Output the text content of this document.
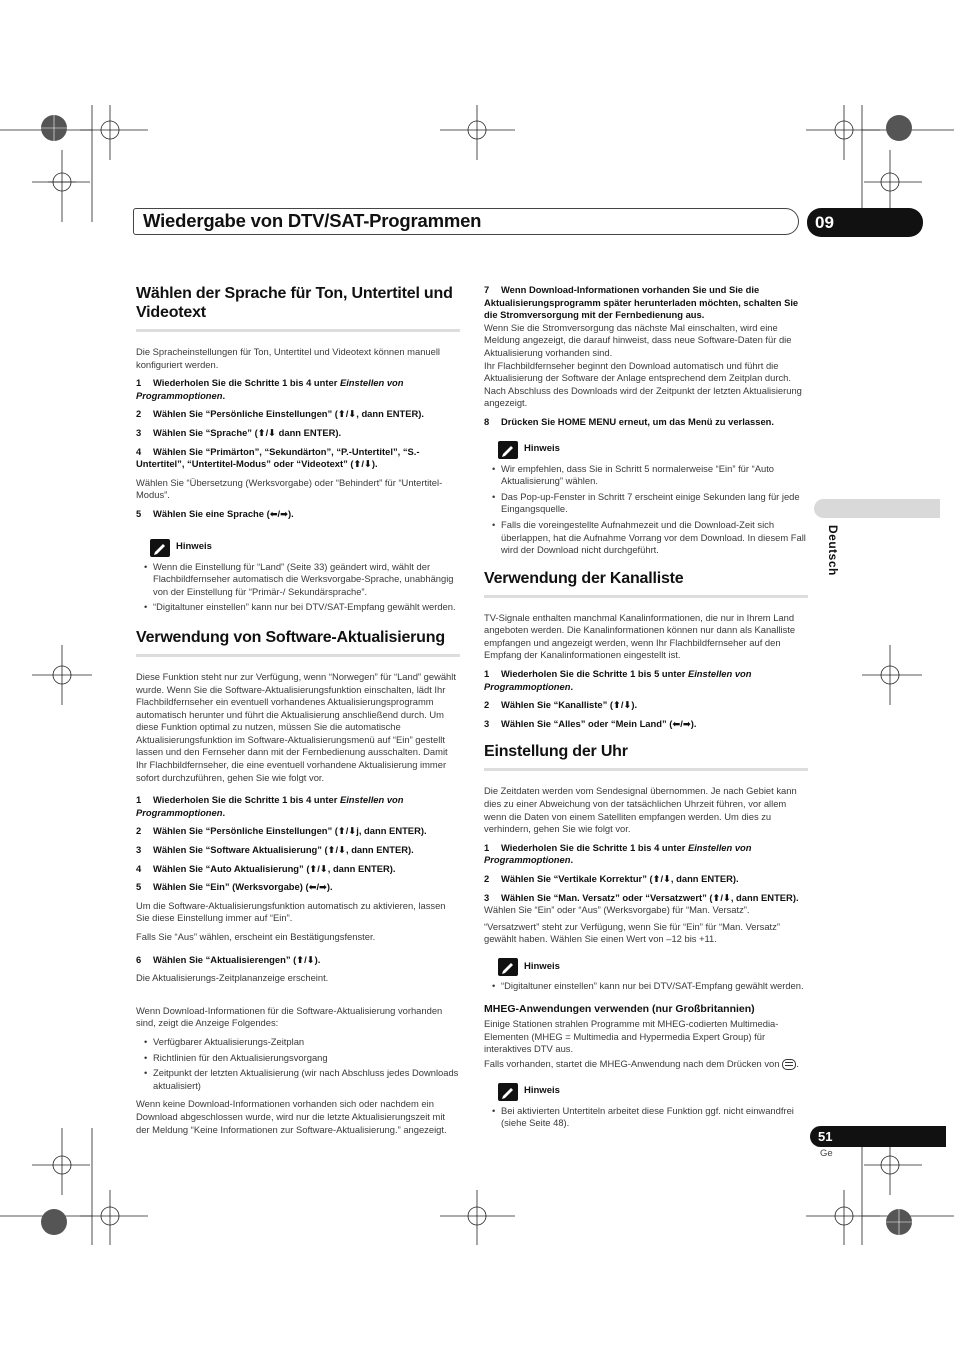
Wiedergabe von DTV/SAT-Programmen	09
Deutsch
51
Ge
Wählen der Sprache für Ton, Untertitel und Videotext

Die Spracheinstellungen für Ton, Untertitel und Videotext können manuell konfiguriert werden.

1 Wiederholen Sie die Schritte 1 bis 4 unter Einstellen von Programmoptionen.

2 Wählen Sie “Persönliche Einstellungen” (⬆/⬇, dann ENTER).

3 Wählen Sie “Sprache” (⬆/⬇ dann ENTER).

4 Wählen Sie “Primärton”, “Sekundärton”, “P.-Untertitel”, “S.-Untertitel”, “Untertitel-Modus” oder “Videotext” (⬆/⬇).

Wählen Sie “Übersetzung (Werksvorgabe) oder “Behindert” für “Untertitel-Modus”.

5 Wählen Sie eine Sprache (⬅/➡).

Hinweis
• Wenn die Einstellung für “Land” (Seite 33) geändert wird, wählt der Flachbildfernseher automatisch die Werksvorgabe-Sprache, unabhängig von der Einstellung für “Primär-/ Sekundärsprache”.
• “Digitaltuner einstellen” kann nur bei DTV/SAT-Empfang gewählt werden.
Verwendung von Software-Aktualisierung

Diese Funktion steht nur zur Verfügung, wenn “Norwegen” für “Land” gewählt wurde. Wenn Sie die Software-Aktualisierungsfunktion einschalten, lädt Ihr Flachbildfernseher ein eventuell vorhandenes Aktualisierungsprogramm automatisch herunter und führt die Aktualisierung anschließend durch. Um diese Funktion optimal zu nutzen, müssen Sie die automatische Aktualisierungsfunktion im Software-Aktualisierungsmenü auf “Ein” gestellt lassen und den Fernseher dann mit der Fernbedienung ausschalten. Damit Ihr Flachbildfernseher, die eine eventuell vorhandene Aktualisierung immer sofort durchzuführen, gehen Sie wie folgt vor.

1 Wiederholen Sie die Schritte 1 bis 4 unter Einstellen von Programmoptionen.

2 Wählen Sie “Persönliche Einstellungen” (⬆/⬇j, dann ENTER).

3 Wählen Sie “Software Aktualisierung” (⬆/⬇, dann ENTER).

4 Wählen Sie “Auto Aktualisierung” (⬆/⬇, dann ENTER).

5 Wählen Sie “Ein” (Werksvorgabe) (⬅/➡).

Um die Software-Aktualisierungsfunktion automatisch zu aktivieren, lassen Sie diese Einstellung immer auf “Ein”.

Falls Sie “Aus” wählen, erscheint ein Bestätigungsfenster.

6 Wählen Sie “Aktualisierengen” (⬆/⬇).

Die Aktualisierungs-Zeitplananzeige erscheint.

Wenn Download-Informationen für die Software-Aktualisierung vorhanden sind, zeigt die Anzeige Folgendes:

• Verfügbarer Aktualisierungs-Zeitplan
• Richtlinien für den Aktualisierungsvorgang
• Zeitpunkt der letzten Aktualisierung (wir nach Abschluss jedes Downloads aktualisiert)

Wenn keine Download-Informationen vorhanden sich oder nachdem ein Download abgeschlossen wurde, wird nur die letzte Aktualisierungszeit mit der Meldung “Keine Informationen zur Software-Aktualisierung.” angezeigt.

7 Wenn Download-Informationen vorhanden Sie und Sie die Aktualisierungsprogramm später herunterladen möchten, schalten Sie die Stromversorgung mit der Fernbedienung aus.

Wenn Sie die Stromversorgung das nächste Mal einschalten, wird eine Meldung angezeigt, die darauf hinweist, dass neue Software-Daten für die Aktualisierung vorhanden sind.

Ihr Flachbildfernseher beginnt den Download automatisch und führt die Aktualisierung der Software der Anlage entsprechend dem Zeitplan durch. Nach Abschluss des Downloads wird der Zeitpunkt der letzten Aktualisierung angezeigt.

8 Drücken Sie HOME MENU erneut, um das Menü zu verlassen.

Hinweis
• Wir empfehlen, dass Sie in Schritt 5 normalerweise “Ein” für “Auto Aktualisierung” wählen.
• Das Pop-up-Fenster in Schritt 7 erscheint einige Sekunden lang für jede Eingangsquelle.
• Falls die voreingestellte Aufnahmezeit und die Download-Zeit sich überlappen, hat die Aufnahme Vorrang vor dem Download. In diesem Fall wird der Download nicht durchgeführt.
Verwendung der Kanalliste

TV-Signale enthalten manchmal Kanalinformationen, die nur in Ihrem Land angeboten werden. Die Kanalinformationen können nur dann als Kanalliste empfangen und angezeigt werden, wenn Ihr Flachbildfernseher auf den Empfang der Kanalinformationen eingestellt ist.

1 Wiederholen Sie die Schritte 1 bis 5 unter Einstellen von Programmoptionen.

2 Wählen Sie “Kanalliste” (⬆/⬇).

3 Wählen Sie “Alles” oder “Mein Land” (⬅/➡).

Einstellung der Uhr

Die Zeitdaten werden vom Sendesignal übernommen. Je nach Gebiet kann dies zu einer Abweichung von der tatsächlichen Uhrzeit führen, vor allem wenn die Daten von einem Satelliten empfangen werden. Um dies zu verhindern, gehen Sie wie folgt vor.

1 Wiederholen Sie die Schritte 1 bis 4 unter Einstellen von Programmoptionen.

2 Wählen Sie “Vertikale Korrektur” (⬆/⬇, dann ENTER).

3 Wählen Sie “Man. Versatz” oder “Versatzwert” (⬆/⬇, dann ENTER).

Wählen Sie “Ein” oder “Aus” (Werksvorgabe) für “Man. Versatz”.

“Versatzwert” steht zur Verfügung, wenn Sie für “Ein” für “Man. Versatz” gewählt haben. Wählen Sie einen Wert von –12 bis +11.

Hinweis
• “Digitaltuner einstellen” kann nur bei DTV/SAT-Empfang gewählt werden.
MHEG-Anwendungen verwenden (nur Großbritannien)

Einige Stationen strahlen Programme mit MHEG-codierten Multimedia-Elementen (MHEG = Multimedia and Hypermedia Expert Group) für interaktives DTV aus.

Falls vorhanden, startet die MHEG-Anwendung nach dem Drücken von .

Hinweis
• Bei aktivierten Untertiteln arbeitet diese Funktion ggf. nicht einwandfrei (siehe Seite 48).
